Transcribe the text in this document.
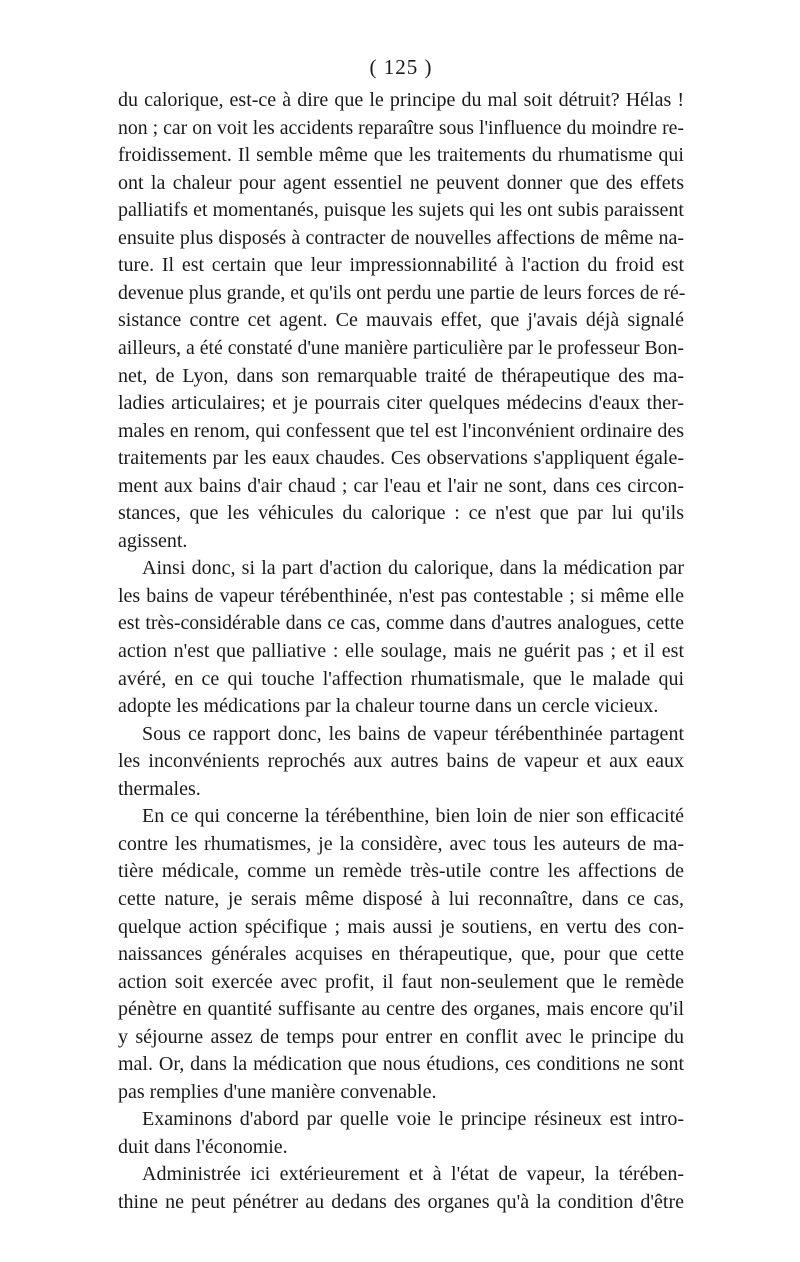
( 125 )
du calorique, est-ce à dire que le principe du mal soit détruit? Hélas !
non ; car on voit les accidents reparaître sous l'influence du moindre re-
froidissement. Il semble même que les traitements du rhumatisme qui
ont la chaleur pour agent essentiel ne peuvent donner que des effets
palliatifs et momentanés, puisque les sujets qui les ont subis paraissent
ensuite plus disposés à contracter de nouvelles affections de même na-
ture. Il est certain que leur impressionnabilité à l'action du froid est
devenue plus grande, et qu'ils ont perdu une partie de leurs forces de ré-
sistance contre cet agent. Ce mauvais effet, que j'avais déjà signalé
ailleurs, a été constaté d'une manière particulière par le professeur Bon-
net, de Lyon, dans son remarquable traité de thérapeutique des ma-
ladies articulaires; et je pourrais citer quelques médecins d'eaux ther-
males en renom, qui confessent que tel est l'inconvénient ordinaire des
traitements par les eaux chaudes. Ces observations s'appliquent égale-
ment aux bains d'air chaud ; car l'eau et l'air ne sont, dans ces circon-
stances, que les véhicules du calorique : ce n'est que par lui qu'ils
agissent.
Ainsi donc, si la part d'action du calorique, dans la médication par
les bains de vapeur térébenthinée, n'est pas contestable ; si même elle
est très-considérable dans ce cas, comme dans d'autres analogues, cette
action n'est que palliative : elle soulage, mais ne guérit pas ; et il est
avéré, en ce qui touche l'affection rhumatismale, que le malade qui
adopte les médications par la chaleur tourne dans un cercle vicieux.
Sous ce rapport donc, les bains de vapeur térébenthinée partagent
les inconvénients reprochés aux autres bains de vapeur et aux eaux
thermales.
En ce qui concerne la térébenthine, bien loin de nier son efficacité
contre les rhumatismes, je la considère, avec tous les auteurs de ma-
tière médicale, comme un remède très-utile contre les affections de
cette nature, je serais même disposé à lui reconnaître, dans ce cas,
quelque action spécifique ; mais aussi je soutiens, en vertu des con-
naissances générales acquises en thérapeutique, que, pour que cette
action soit exercée avec profit, il faut non-seulement que le remède
pénètre en quantité suffisante au centre des organes, mais encore qu'il
y séjourne assez de temps pour entrer en conflit avec le principe du
mal. Or, dans la médication que nous étudions, ces conditions ne sont
pas remplies d'une manière convenable.
Examinons d'abord par quelle voie le principe résineux est intro-
duit dans l'économie.
Administrée ici extérieurement et à l'état de vapeur, la térében-
thine ne peut pénétrer au dedans des organes qu'à la condition d'être
